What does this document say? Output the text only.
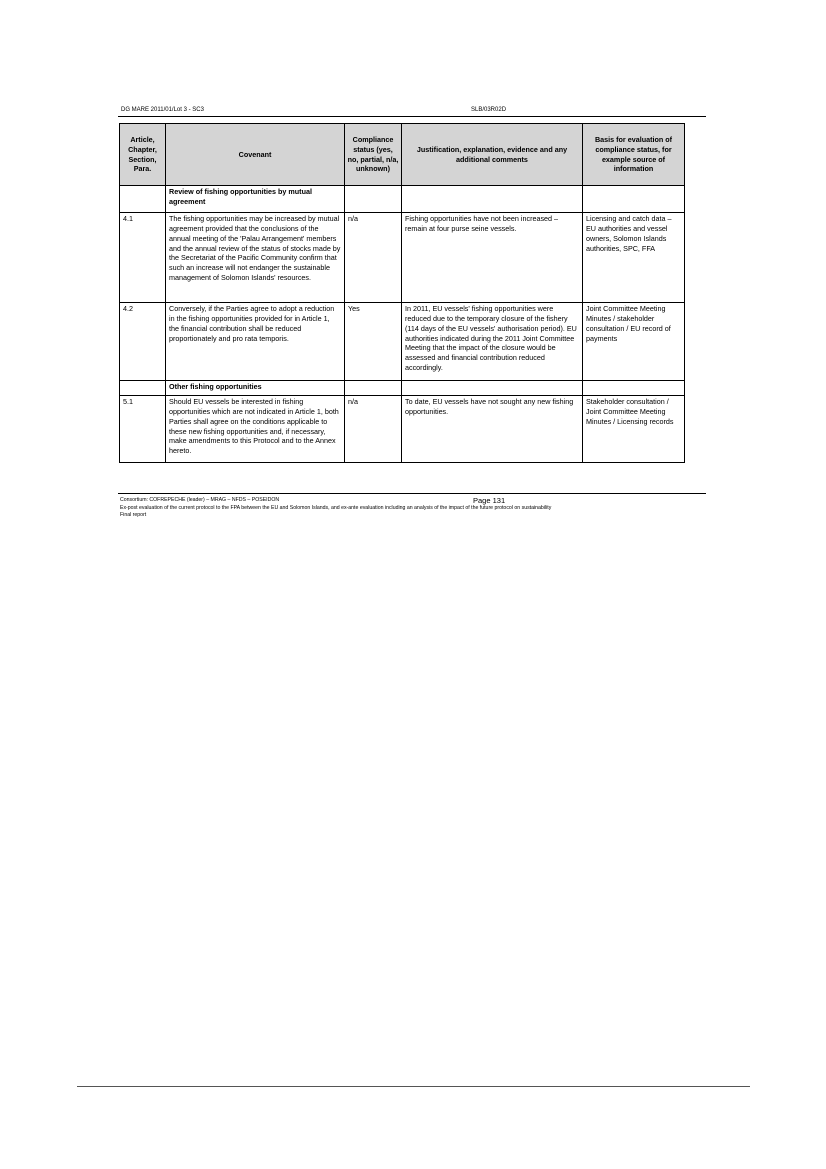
DG MARE 2011/01/Lot 3 - SC3	SLB/03R02D
Article, Chapter, Section, Para.	Covenant	Compliance status (yes, no, partial, n/a, unknown)	Justification, explanation, evidence and any additional comments	Basis for evaluation of compliance status, for example source of information
	Review of fishing opportunities by mutual agreement			
4.1	The fishing opportunities may be increased by mutual agreement provided that the conclusions of the annual meeting of the 'Palau Arrangement' members and the annual review of the status of stocks made by the Secretariat of the Pacific Community confirm that such an increase will not endanger the sustainable management of Solomon Islands' resources.	n/a	Fishing opportunities have not been increased – remain at four purse seine vessels.	Licensing and catch data – EU authorities and vessel owners, Solomon Islands authorities, SPC, FFA
4.2	Conversely, if the Parties agree to adopt a reduction in the fishing opportunities provided for in Article 1, the financial contribution shall be reduced proportionately and pro rata temporis.	Yes	In 2011, EU vessels' fishing opportunities were reduced due to the temporary closure of the fishery (114 days of the EU vessels' authorisation period). EU authorities indicated during the 2011 Joint Committee Meeting that the impact of the closure would be assessed and financial contribution reduced accordingly.	Joint Committee Meeting Minutes / stakeholder consultation / EU record of payments
	Other fishing opportunities			
5.1	Should EU vessels be interested in fishing opportunities which are not indicated in Article 1, both Parties shall agree on the conditions applicable to these new fishing opportunities and, if necessary, make amendments to this Protocol and to the Annex hereto.	n/a	To date, EU vessels have not sought any new fishing opportunities.	Stakeholder consultation / Joint Committee Meeting Minutes / Licensing records
Consortium: COFREPECHE (leader) – MRAG – NFDS – POSEIDON	Page 131
Ex-post evaluation of the current protocol to the FPA between the EU and Solomon Islands, and ex-ante evaluation including an analysis of the impact of the future protocol on sustainability
Final report
